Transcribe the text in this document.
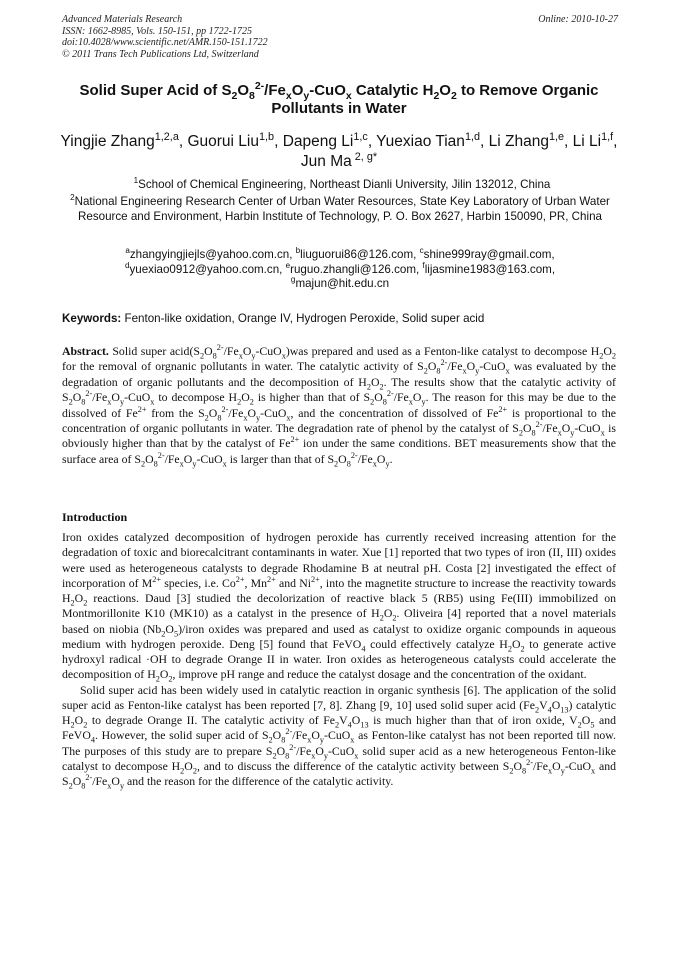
Advanced Materials Research	Online: 2010-10-27
ISSN: 1662-8985, Vols. 150-151, pp 1722-1725
doi:10.4028/www.scientific.net/AMR.150-151.1722
© 2011 Trans Tech Publications Ltd, Switzerland
Solid Super Acid of $S_2O_8^{2-}/Fe_xO_y-CuO_x$ Catalytic $H_2O_2$ to Remove Organic Pollutants in Water
Yingjie Zhang$^{1,2,a}$, Guorui Liu$^{1,b}$, Dapeng Li$^{1,c}$, Yuexiao Tian$^{1,d}$, Li Zhang$^{1,e}$, Li Li$^{1,f}$, Jun Ma $^{2, g*}$
$^1$School of Chemical Engineering, Northeast Dianli University, Jilin 132012, China
$^2$National Engineering Research Center of Urban Water Resources, State Key Laboratory of Urban Water Resource and Environment, Harbin Institute of Technology, P. O. Box 2627, Harbin 150090, PR, China
$^a$zhangyingjiejls@yahoo.com.cn, $^b$liuguorui86@126.com, $^c$shine999ray@gmail.com,
$^d$yuexiao0912@yahoo.com.cn, $^e$ruguo.zhangli@126.com, $^f$lijasmine1983@163.com,
$^g$majun@hit.edu.cn
Keywords: Fenton-like oxidation, Orange IV, Hydrogen Peroxide, Solid super acid
Abstract. Solid super $acid(S_2O_8^{2-}/Fe_xO_y-CuO_x)was$ prepared and used as a Fenton-like catalyst to decompose $H_2O_2$ for the removal of orgnanic pollutants in water. The catalytic activity of $S_2O_8^{2-}/Fe_xO_y-CuO_x$ was evaluated by the degradation of organic pollutants and the decomposition of $H_2O_2$. The results show that the catalytic activity of $S_2O_8^{2-}/Fe_xO_y-CuO_x$ to decompose $H_2O_2$ is higher than that of $S_2O_8^{2-}/Fe_xO_y$. The reason for this may be due to the dissolved of $Fe^{2+}$ from the $S_2O_8^{2-}/Fe_xO_y-CuO_x$, and the concentration of dissolved of $Fe^{2+}$ is proportional to the concentration of organic pollutants in water. The degradation rate of phenol by the catalyst of $S_2O_8^{2-}/Fe_xO_y-CuO_x$ is obviously higher than that by the catalyst of $Fe^{2+}$ ion under the same conditions. BET measurements show that the surface area of $S_2O_8^{2-}/Fe_xO_y-CuO_x$ is larger than that of $S_2O_8^{2-}/Fe_xO_y$.
Introduction

Iron oxides catalyzed decomposition of hydrogen peroxide has currently received increasing attention for the degradation of toxic and biorecalcitrant contaminants in water. Xue [1] reported that two types of iron (II, III) oxides were used as heterogeneous catalysts to degrade Rhodamine B at neutral pH. Costa [2] investigated the effect of incorporation of $M^{2+}$ species, i.e. $Co^{2+}$, $Mn^{2+}$ and $Ni^{2+}$, into the magnetite structure to increase the reactivity towards $H_2O_2$ reactions. Daud [3] studied the decolorization of reactive black 5 (RB5) using Fe(III) immobilized on Montmorillonite K10 (MK10) as a catalyst in the presence of $H_2O_2$. Oliveira [4] reported that a novel materials based on niobia $(Nb_2O_5)$/iron oxides was prepared and used as catalyst to oxidize organic compounds in aqueous medium with hydrogen peroxide. Deng [5] found that FeVO$_4$ could effectively catalyze $H_2O_2$ to generate active hydroxyl radical ·OH to degrade Orange II in water. Iron oxides as heterogeneous catalysts could accelerate the decomposition of $H_2O_2$, improve pH range and reduce the catalyst dosage and the concentration of the oxidant.

Solid super acid has been widely used in catalytic reaction in organic synthesis [6]. The application of the solid super acid as Fenton-like catalyst has been reported [7, 8]. Zhang [9, 10] used solid super acid $(Fe_2V_4O_{13})$ catalytic $H_2O_2$ to degrade Orange II. The catalytic activity of $Fe_2V_4O_{13}$ is much higher than that of iron oxide, $V_2O_5$ and FeVO$_4$. However, the solid super acid of $S_2O_8^{2-}/Fe_xO_y-CuO_x$ as Fenton-like catalyst has not been reported till now. The purposes of this study are to prepare $S_2O_8^{2-}/Fe_xO_y-CuO_x$ solid super acid as a new heterogeneous Fenton-like catalyst to decompose $H_2O_2$, and to discuss the difference of the catalytic activity between $S_2O_8^{2-}/Fe_xO_y-CuO_x$ and $S_2O_8^{2-}/Fe_xO_y$ and the reason for the difference of the catalytic activity.
